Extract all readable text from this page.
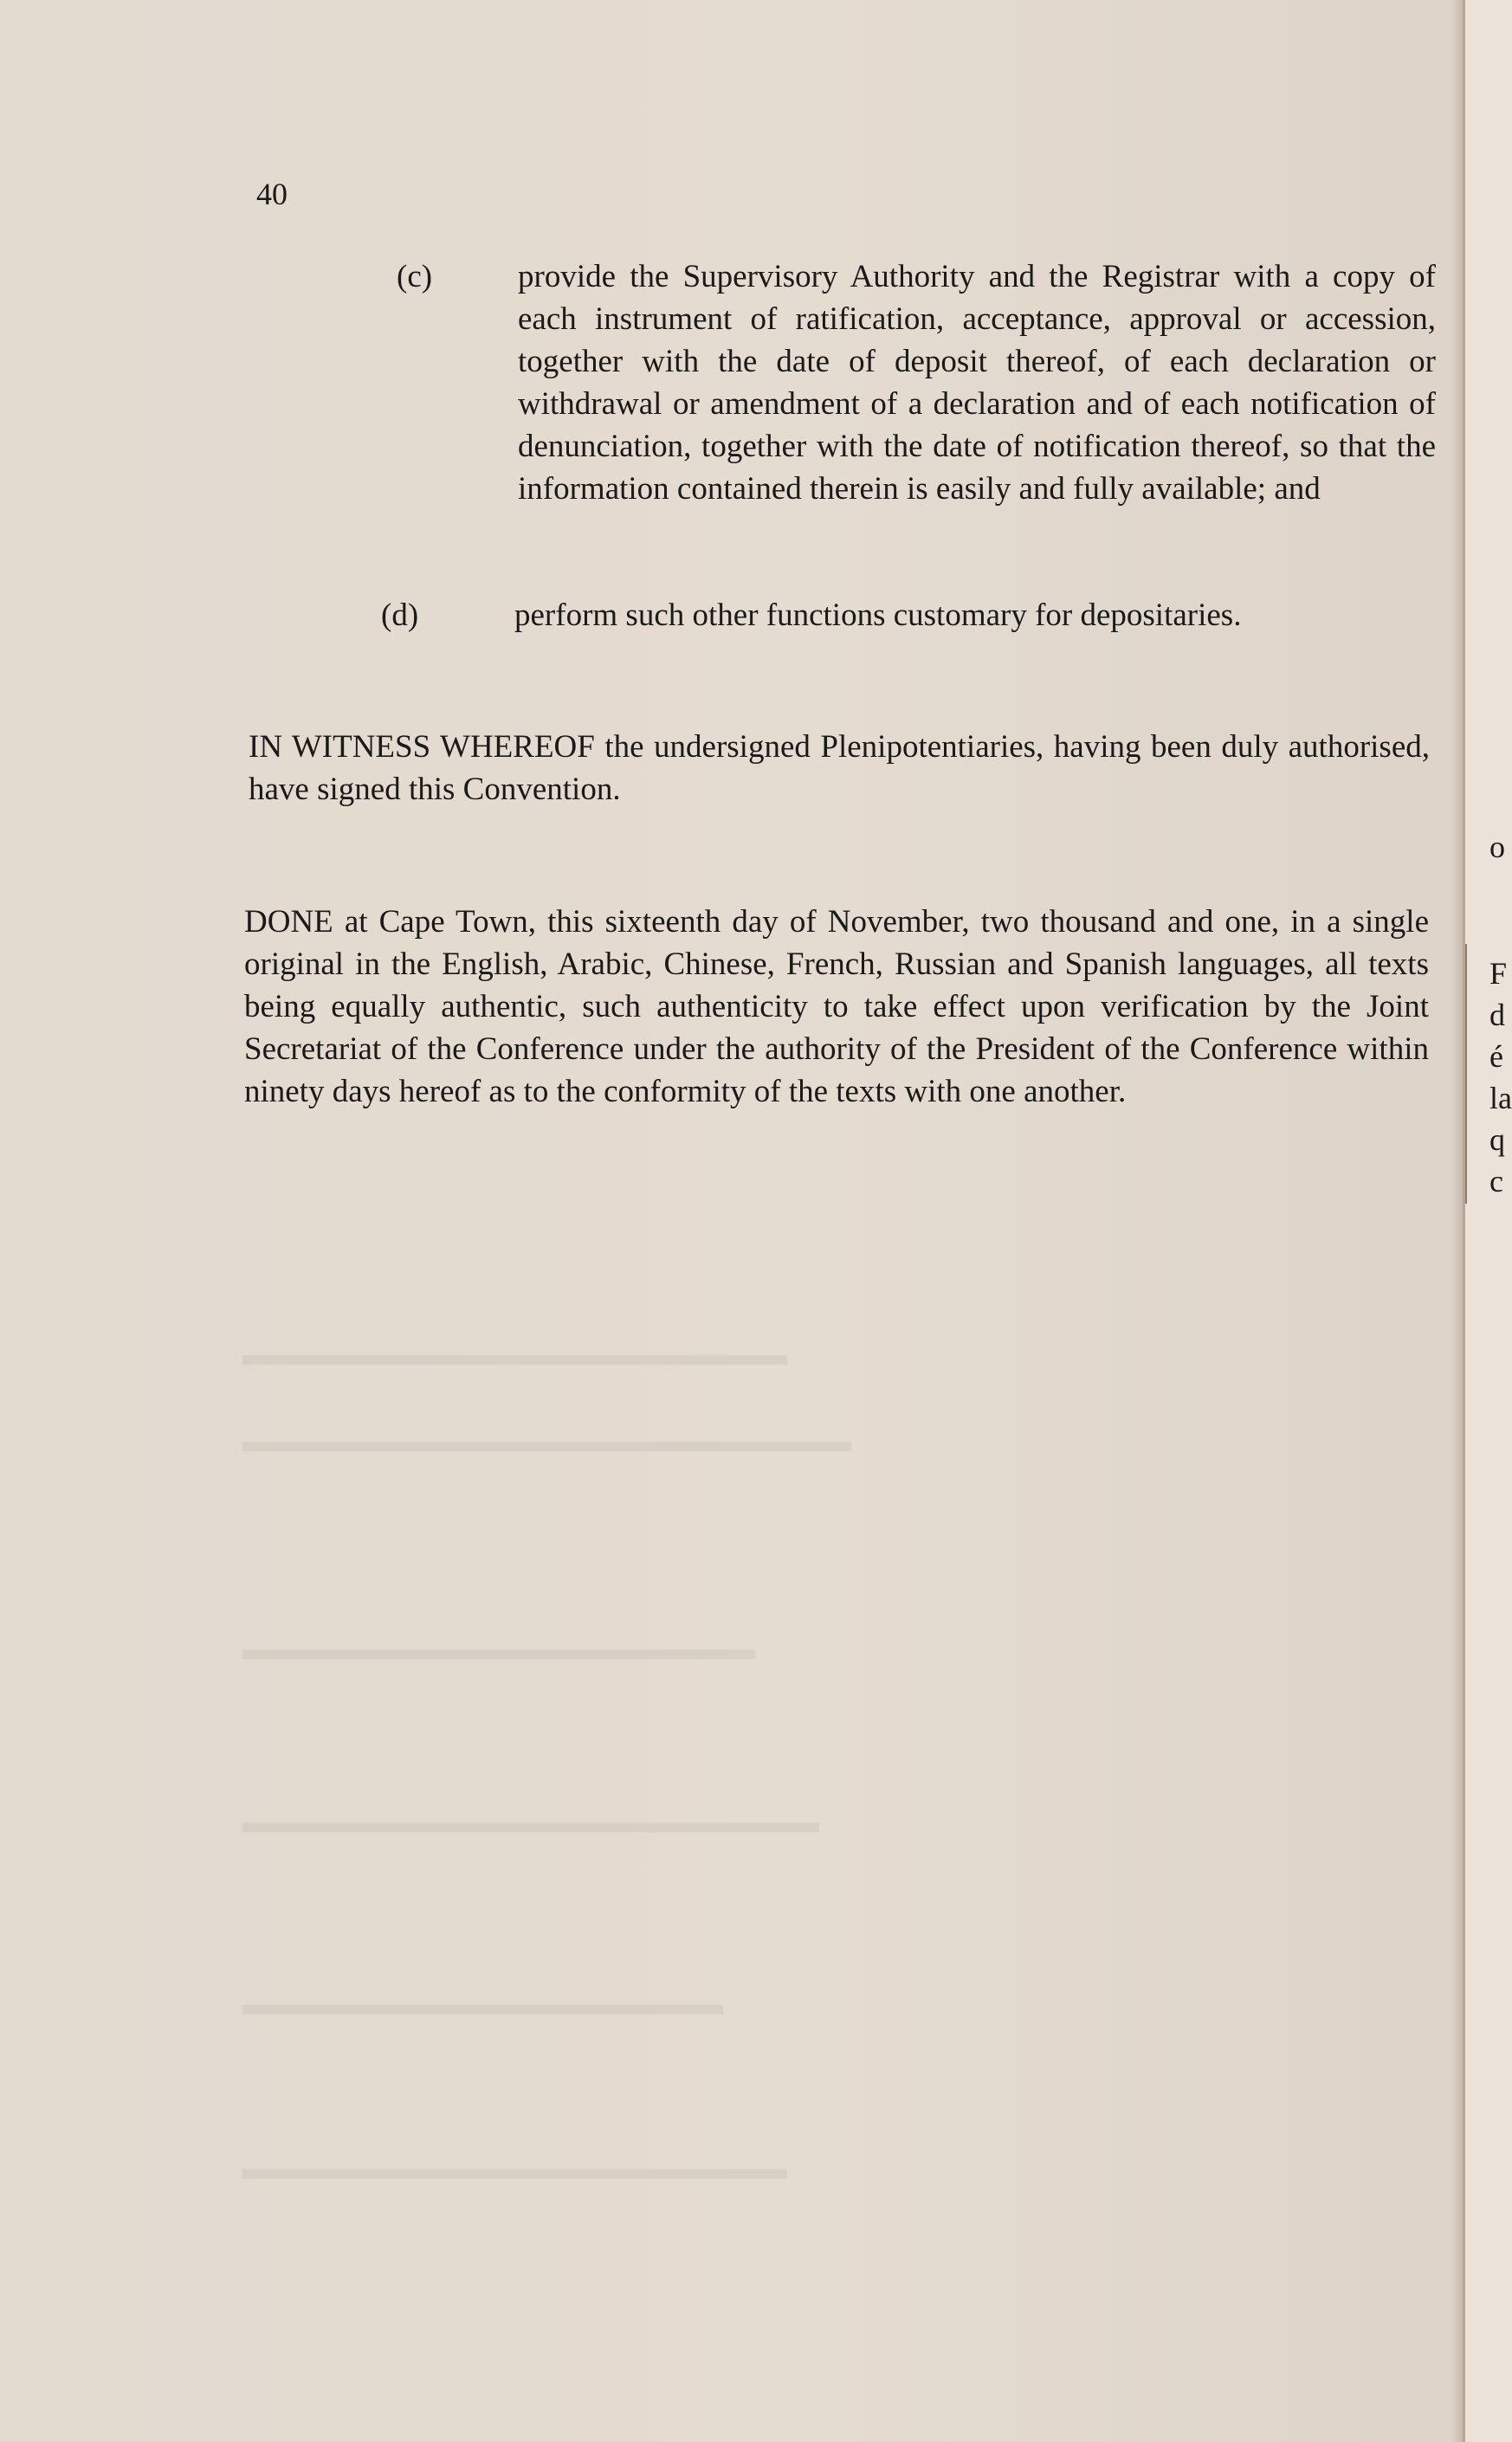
40
(c)	provide the Supervisory Authority and the Registrar with a copy of each instrument of ratification, acceptance, approval or accession, together with the date of deposit thereof, of each declaration or withdrawal or amendment of a declaration and of each notification of denunciation, together with the date of notification thereof, so that the information contained therein is easily and fully available; and

(d)	perform such other functions customary for depositaries.

IN WITNESS WHEREOF the undersigned Plenipotentiaries, having been duly authorised, have signed this Convention.

DONE at Cape Town, this sixteenth day of November, two thousand and one, in a single original in the English, Arabic, Chinese, French, Russian and Spanish languages, all texts being equally authentic, such authenticity to take effect upon verification by the Joint Secretariat of the Conference under the authority of the President of the Conference within ninety days hereof as to the conformity of the texts with one another.

▬▬▬▬▬▬▬▬▬▬▬▬▬▬▬▬▬
▬▬▬▬▬▬▬▬▬▬▬▬▬▬▬▬▬▬▬
▬▬▬▬▬▬▬▬▬▬▬▬▬▬▬▬
▬▬▬▬▬▬▬▬▬▬▬▬▬▬▬▬▬▬
▬▬▬▬▬▬▬▬▬▬▬▬▬▬▬
▬▬▬▬▬▬▬▬▬▬▬▬▬▬▬▬▬
o
F
d
é
la
q
c
